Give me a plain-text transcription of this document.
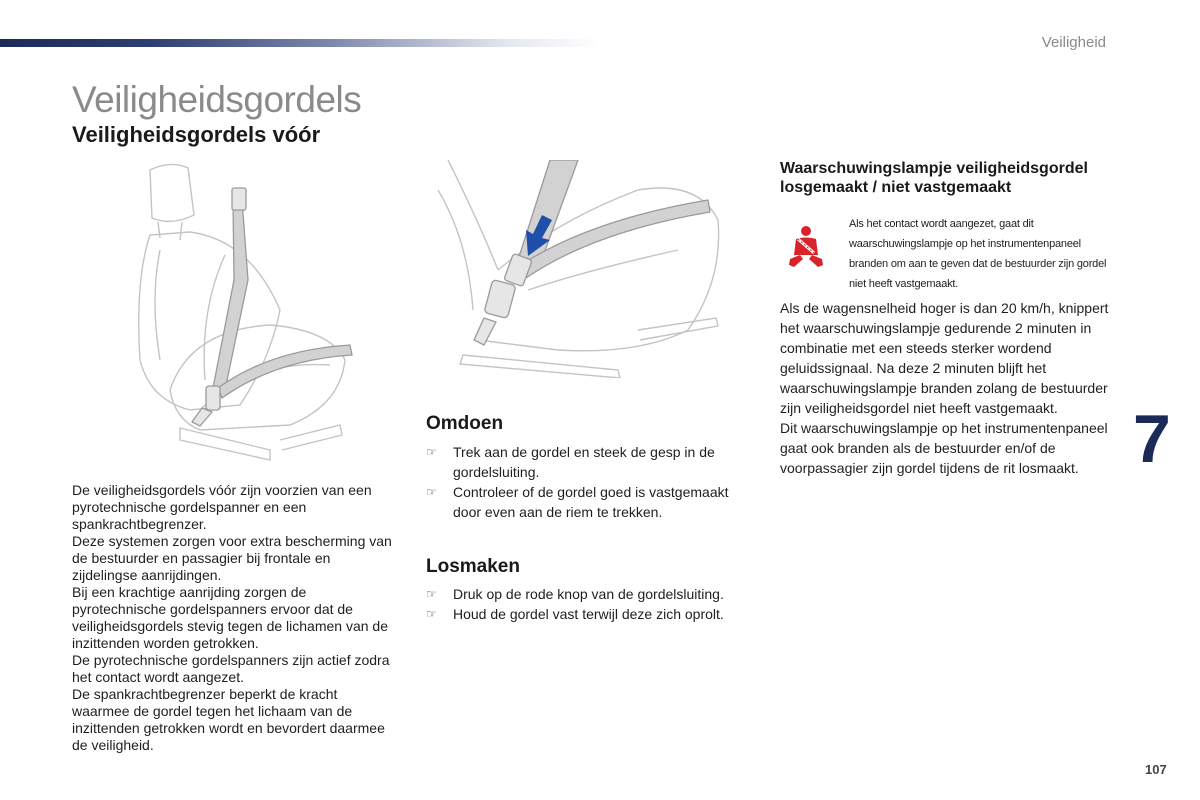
Veiligheid
Veiligheidsgordels
Veiligheidsgordels vóór

De veiligheidsgordels vóór zijn voorzien van een pyrotechnische gordelspanner en een spankrachtbegrenzer.

Deze systemen zorgen voor extra bescherming van de bestuurder en passagier bij frontale en zijdelingse aanrijdingen.

Bij een krachtige aanrijding zorgen de pyrotechnische gordelspanners ervoor dat de veiligheidsgordels stevig tegen de lichamen van de inzittenden worden getrokken.

De pyrotechnische gordelspanners zijn actief zodra het contact wordt aangezet.

De spankrachtbegrenzer beperkt de kracht waarmee de gordel tegen het lichaam van de inzittenden getrokken wordt en bevordert daarmee de veiligheid.

Omdoen
☞ Trek aan de gordel en steek de gesp in de gordelsluiting.
☞ Controleer of de gordel goed is vastgemaakt door even aan de riem te trekken.
Losmaken
☞ Druk op de rode knop van de gordelsluiting.
☞ Houd de gordel vast terwijl deze zich oprolt.
Waarschuwingslampje veiligheidsgordel losgemaakt / niet vastgemaakt
Als het contact wordt aangezet, gaat dit waarschuwingslampje op het instrumentenpaneel branden om aan te geven dat de bestuurder zijn gordel niet heeft vastgemaakt.

Als de wagensnelheid hoger is dan 20 km/h, knippert het waarschuwingslampje gedurende 2 minuten in combinatie met een steeds sterker wordend geluidssignaal. Na deze 2 minuten blijft het waarschuwingslampje branden zolang de bestuurder zijn veiligheidsgordel niet heeft vastgemaakt.

Dit waarschuwingslampje op het instrumentenpaneel gaat ook branden als de bestuurder en/of de voorpassagier zijn gordel tijdens de rit losmaakt. 7
107
